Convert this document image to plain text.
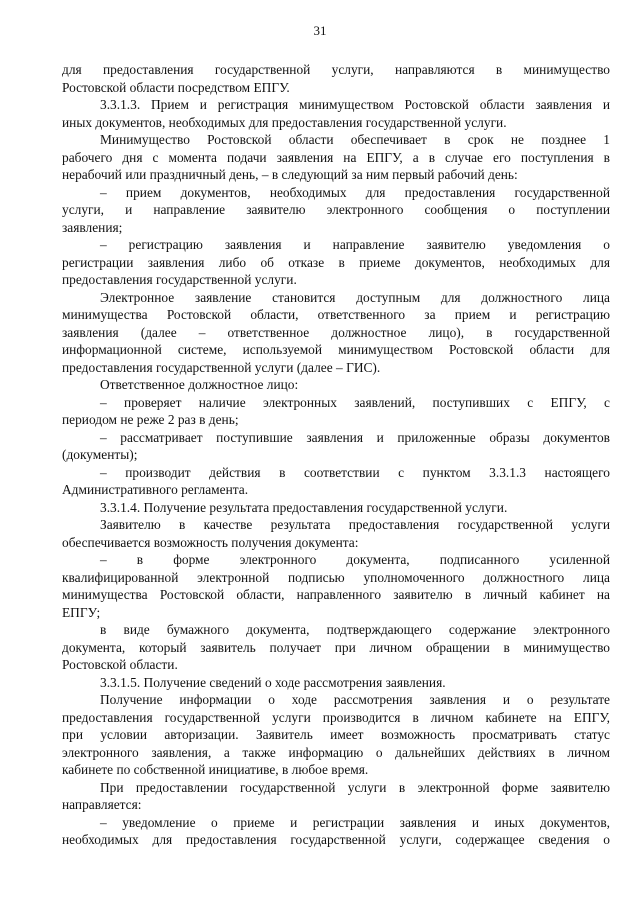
31
для предоставления государственной услуги, направляются в минимущество
Ростовской области посредством ЕПГУ.
3.3.1.3. Прием и регистрация минимуществом Ростовской области заявления и
иных документов, необходимых для предоставления государственной услуги.
Минимущество Ростовской области обеспечивает в срок не позднее 1
рабочего дня с момента подачи заявления на ЕПГУ, а в случае его поступления в
нерабочий или праздничный день, – в следующий за ним первый рабочий день:
– прием документов, необходимых для предоставления государственной
услуги, и направление заявителю электронного сообщения о поступлении
заявления;
– регистрацию заявления и направление заявителю уведомления о
регистрации заявления либо об отказе в приеме документов, необходимых для
предоставления государственной услуги.
Электронное заявление становится доступным для должностного лица
минимущества Ростовской области, ответственного за прием и регистрацию
заявления (далее – ответственное должностное лицо), в государственной
информационной системе, используемой минимуществом Ростовской области для
предоставления государственной услуги (далее – ГИС).
Ответственное должностное лицо:
– проверяет наличие электронных заявлений, поступивших с ЕПГУ, с
периодом не реже 2 раз в день;
– рассматривает поступившие заявления и приложенные образы документов
(документы);
– производит действия в соответствии с пунктом 3.3.1.3 настоящего
Административного регламента.
3.3.1.4. Получение результата предоставления государственной услуги.
Заявителю в качестве результата предоставления государственной услуги
обеспечивается возможность получения документа:
– в форме электронного документа, подписанного усиленной
квалифицированной электронной подписью уполномоченного должностного лица
минимущества Ростовской области, направленного заявителю в личный кабинет на
ЕПГУ;
в виде бумажного документа, подтверждающего содержание электронного
документа, который заявитель получает при личном обращении в минимущество
Ростовской области.
3.3.1.5. Получение сведений о ходе рассмотрения заявления.
Получение информации о ходе рассмотрения заявления и о результате
предоставления государственной услуги производится в личном кабинете на ЕПГУ,
при условии авторизации. Заявитель имеет возможность просматривать статус
электронного заявления, а также информацию о дальнейших действиях в личном
кабинете по собственной инициативе, в любое время.
При предоставлении государственной услуги в электронной форме заявителю
направляется:
– уведомление о приеме и регистрации заявления и иных документов,
необходимых для предоставления государственной услуги, содержащее сведения о
